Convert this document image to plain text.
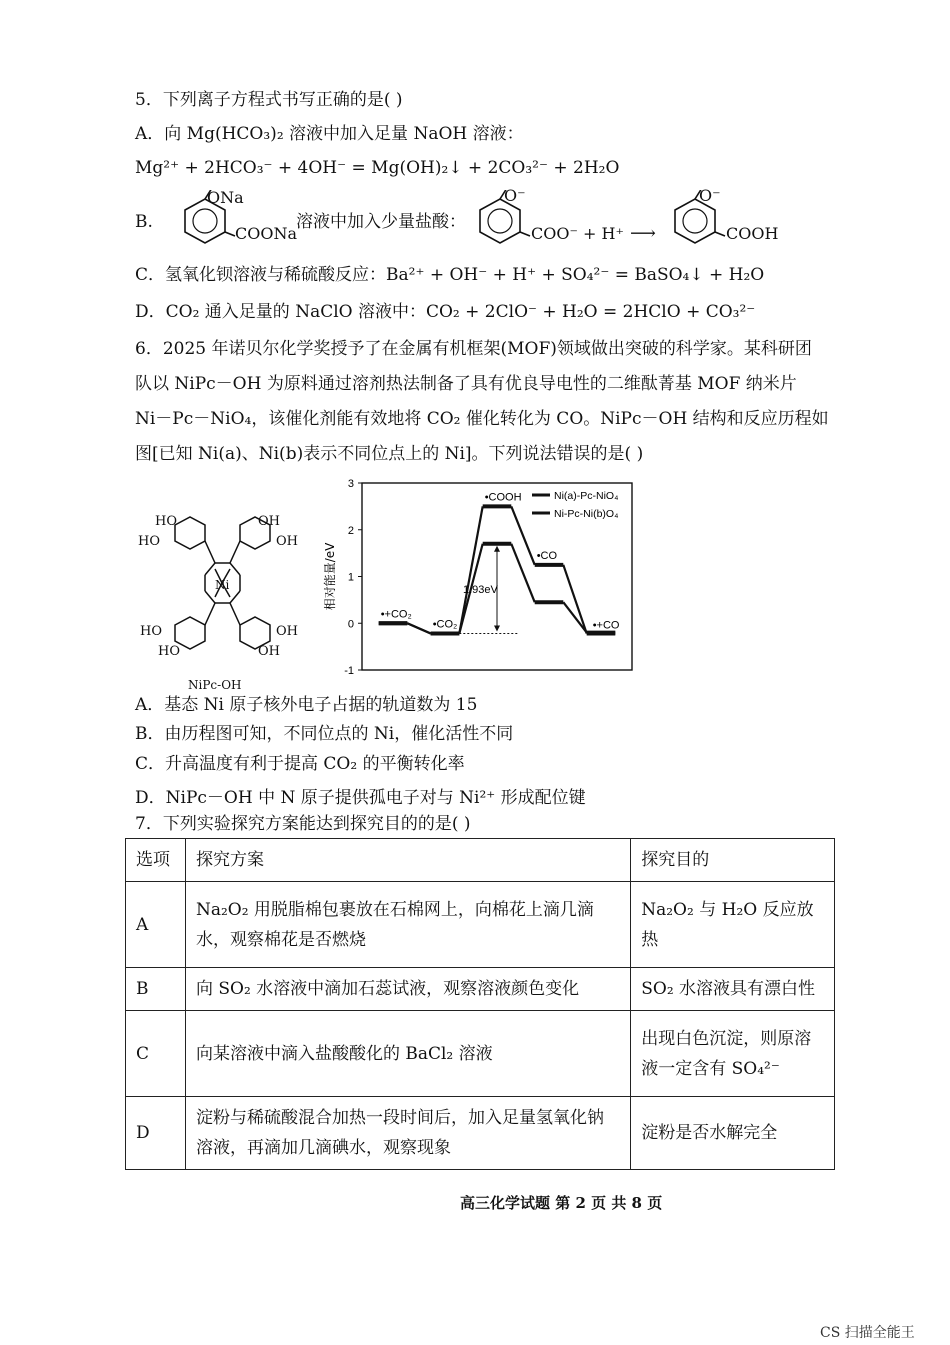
5．下列离子方程式书写正确的是( )
A．向 Mg(HCO₃)₂ 溶液中加入足量 NaOH 溶液：
Mg²⁺ + 2HCO₃⁻ + 4OH⁻ = Mg(OH)₂↓ + 2CO₃²⁻ + 2H₂O
B.
ONa
COONa
溶液中加入少量盐酸：
O⁻
COO⁻ + H⁺ ⟶
O⁻
COOH
C．氢氧化钡溶液与稀硫酸反应：Ba²⁺ + OH⁻ + H⁺ + SO₄²⁻ = BaSO₄↓ + H₂O
D．CO₂ 通入足量的 NaClO 溶液中：CO₂ + 2ClO⁻ + H₂O = 2HClO + CO₃²⁻
6．2025 年诺贝尔化学奖授予了在金属有机框架(MOF)领域做出突破的科学家。某科研团
队以 NiPc－OH 为原料通过溶剂热法制备了具有优良导电性的二维酞菁基 MOF 纳米片
Ni－Pc－NiO₄，该催化剂能有效地将 CO₂ 催化转化为 CO。NiPc－OH 结构和反应历程如
图[已知 Ni(a)、Ni(b)表示不同位点上的 Ni]。下列说法错误的是( )
HO
HO
OH
OH
HO
HO
OH
OH
Ni
NiPc-OH
3
2
1
0
-1
相对能量/eV
•+CO₂
•CO₂
•COOH
•CO
•+CO
1.93eV
Ni(a)-Pc-NiO₄
Ni-Pc-Ni(b)O₄
A．基态 Ni 原子核外电子占据的轨道数为 15
B．由历程图可知，不同位点的 Ni，催化活性不同
C．升高温度有利于提高 CO₂ 的平衡转化率
D．NiPc－OH 中 N 原子提供孤电子对与 Ni²⁺ 形成配位键
7．下列实验探究方案能达到探究目的的是( )
选项	探究方案	探究目的
A	Na₂O₂ 用脱脂棉包裹放在石棉网上，向棉花上滴几滴水，观察棉花是否燃烧	Na₂O₂ 与 H₂O 反应放热
B	向 SO₂ 水溶液中滴加石蕊试液，观察溶液颜色变化	SO₂ 水溶液具有漂白性
C	向某溶液中滴入盐酸酸化的 BaCl₂ 溶液	出现白色沉淀，则原溶液一定含有 SO₄²⁻
D	淀粉与稀硫酸混合加热一段时间后，加入足量氢氧化钠溶液，再滴加几滴碘水，观察现象	淀粉是否水解完全
高三化学试题 第 2 页 共 8 页
CS 扫描全能王
